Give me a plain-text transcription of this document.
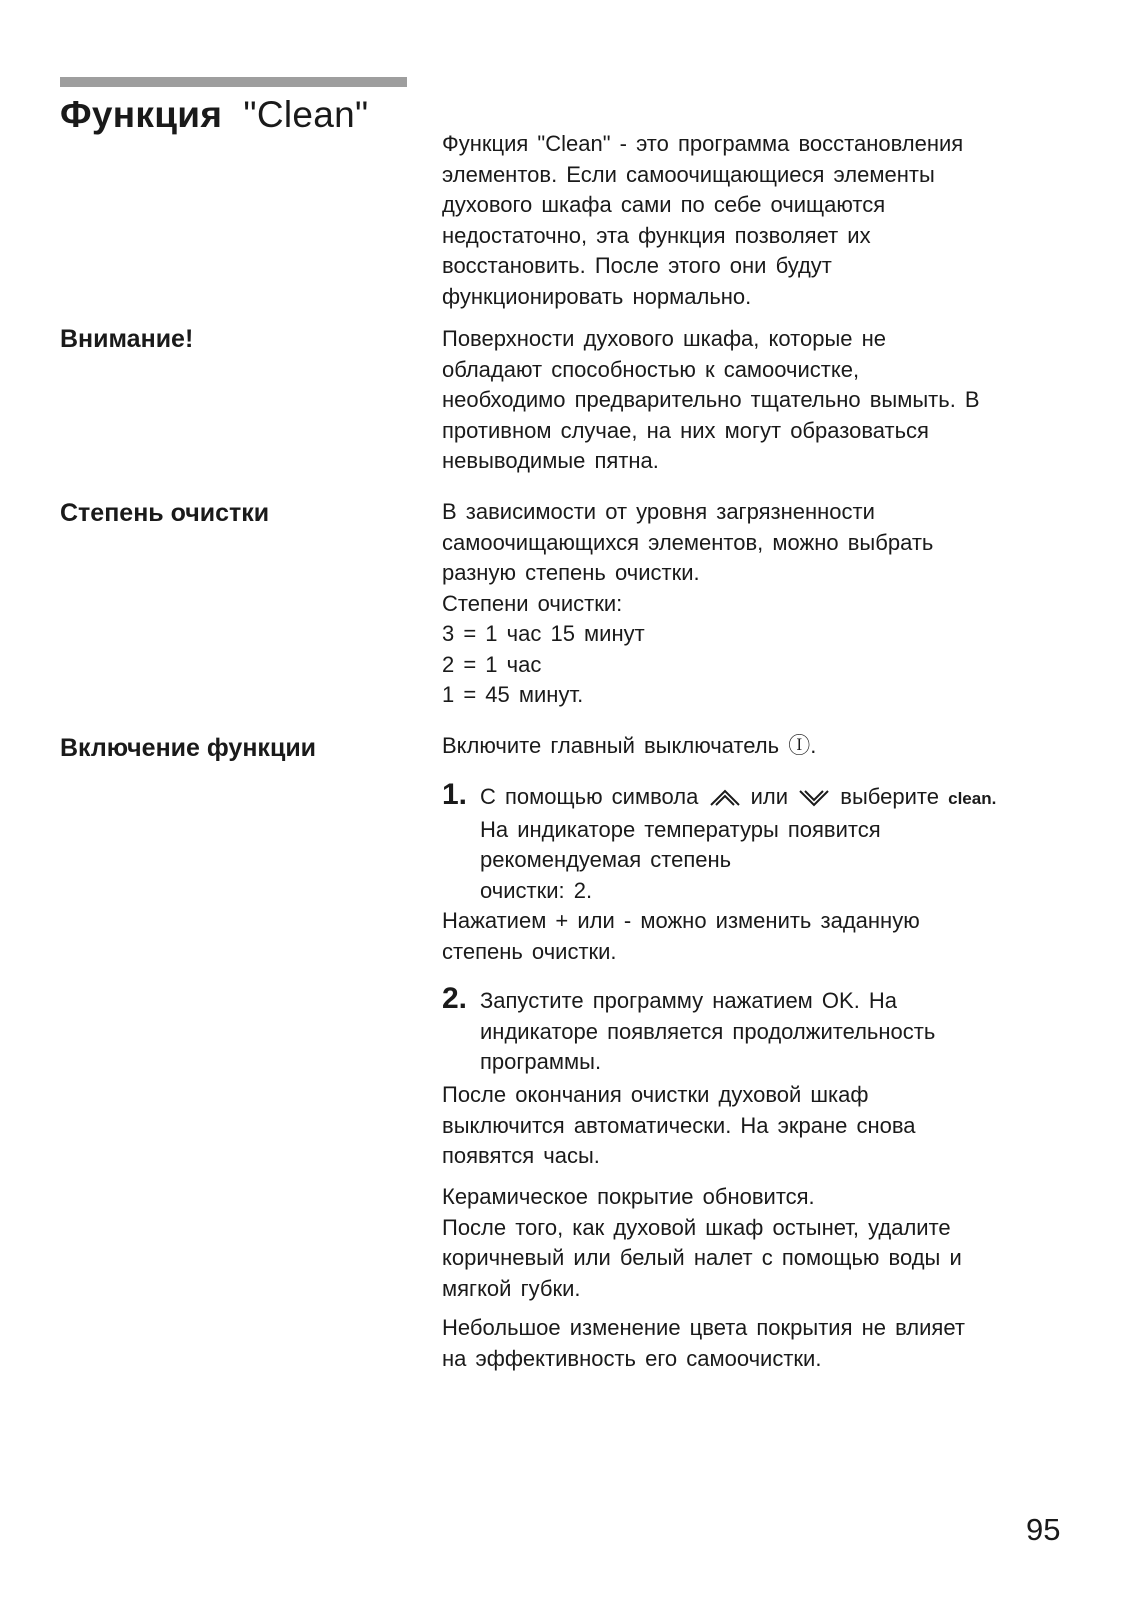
Функция "Clean"

Функция "Clean" - это программа восстановления
элементов. Если самоочищающиеся элементы
духового шкафа сами по себе очищаются
недостаточно, эта функция позволяет их
восстановить. После этого они будут
функционировать нормально.

Внимание!	Поверхности духового шкафа, которые не
обладают способностью к самоочистке,
необходимо предварительно тщательно вымыть. В
противном случае, на них могут образоваться
невыводимые пятна.

Степень очистки	В зависимости от уровня загрязненности
самоочищающихся элементов, можно выбрать
разную степень очистки.
Степени очистки:
3 = 1 час 15 минут
2 = 1 час
1 = 45 минут.

Включение функции	Включите главный выключатель Ⓘ.

1. С помощью символа или выберите clean.
На индикаторе температуры появится
рекомендуемая степень
очистки: 2.

Нажатием + или - можно изменить заданную
степень очистки.

2. Запустите программу нажатием OK. На
индикаторе появляется продолжительность
программы.

После окончания очистки духовой шкаф
выключится автоматически. На экране снова
появятся часы.

Керамическое покрытие обновится.
После того, как духовой шкаф остынет, удалите
коричневый или белый налет с помощью воды и
мягкой губки.

Небольшое изменение цвета покрытия не влияет
на эффективность его самоочистки.

95
